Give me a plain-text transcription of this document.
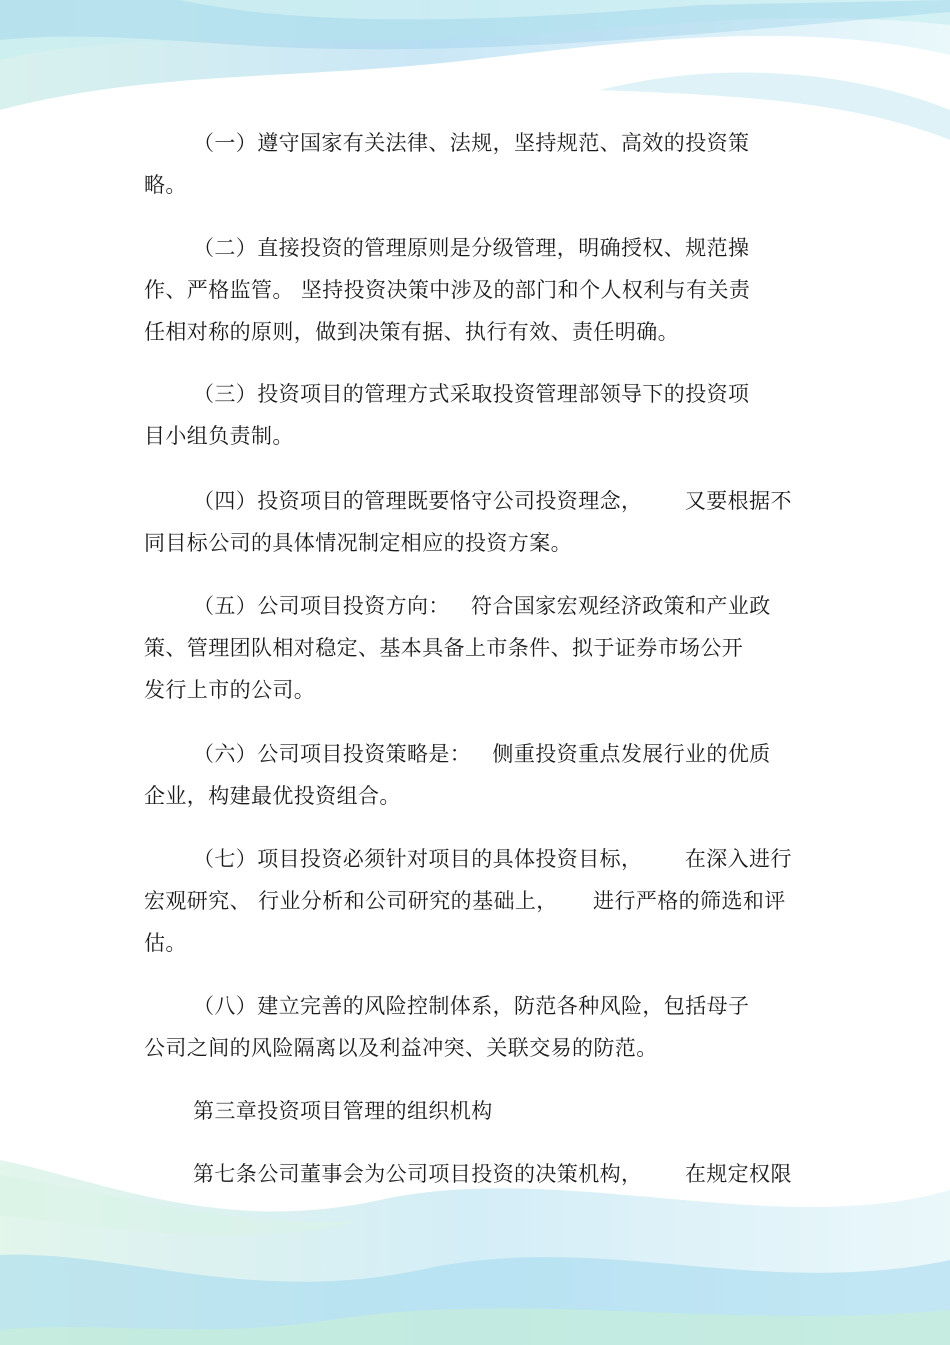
（一）遵守国家有关法律、法规，坚持规范、高效的投资策
略。
（二）直接投资的管理原则是分级管理，明确授权、规范操
作、严格监管。 坚持投资决策中涉及的部门和个人权利与有关责
任相对称的原则，做到决策有据、执行有效、责任明确。
（三）投资项目的管理方式采取投资管理部领导下的投资项
目小组负责制。
（四）投资项目的管理既要恪守公司投资理念，      又要根据不
同目标公司的具体情况制定相应的投资方案。
（五）公司项目投资方向：   符合国家宏观经济政策和产业政
策、管理团队相对稳定、基本具备上市条件、拟于证券市场公开
发行上市的公司。
（六）公司项目投资策略是：   侧重投资重点发展行业的优质
企业，构建最优投资组合。
（七）项目投资必须针对项目的具体投资目标，      在深入进行
宏观研究、 行业分析和公司研究的基础上，     进行严格的筛选和评
估。
（八）建立完善的风险控制体系，防范各种风险，包括母子
公司之间的风险隔离以及利益冲突、关联交易的防范。
第三章投资项目管理的组织机构
第七条公司董事会为公司项目投资的决策机构，      在规定权限
